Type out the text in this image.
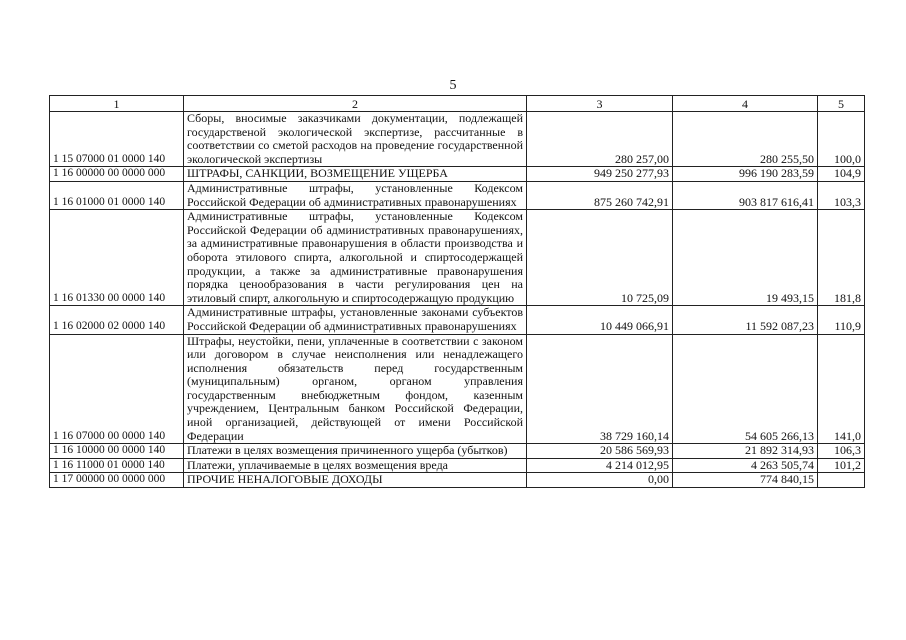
5
1	2	3	4	5
1 15 07000 01 0000 140	Сборы, вносимые заказчиками документации, подлежащей государственой экологической экспертизе, рассчитанные в соответствии со сметой расходов на проведение государственной экологической экспертизы	280 257,00	280 255,50	100,0
1 16 00000 00 0000 000	ШТРАФЫ, САНКЦИИ, ВОЗМЕЩЕНИЕ УЩЕРБА	949 250 277,93	996 190 283,59	104,9
1 16 01000 01 0000 140	Административные штрафы, установленные Кодексом Российской Федерации об административных правонарушениях	875 260 742,91	903 817 616,41	103,3
1 16 01330 00 0000 140	Административные штрафы, установленные Кодексом Российской Федерации об административных правонарушениях, за административные правонарушения в области производства и оборота этилового спирта, алкогольной и спиртосодержащей продукции, а также за административные правонарушения порядка ценообразования в части регулирования цен на этиловый спирт, алкогольную и спиртосодержащую продукцию	10 725,09	19 493,15	181,8
1 16 02000 02 0000 140	Административные штрафы, установленные законами субъектов Российской Федерации об административных правонарушениях	10 449 066,91	11 592 087,23	110,9
1 16 07000 00 0000 140	Штрафы, неустойки, пени, уплаченные в соответствии с законом или договором в случае неисполнения или ненадлежащего исполнения обязательств перед государственным (муниципальным) органом, органом управления государственным внебюджетным фондом, казенным учреждением, Центральным банком Российской Федерации, иной организацией, действующей от имени Российской Федерации	38 729 160,14	54 605 266,13	141,0
1 16 10000 00 0000 140	Платежи в целях возмещения причиненного ущерба (убытков)	20 586 569,93	21 892 314,93	106,3
1 16 11000 01 0000 140	Платежи, уплачиваемые в целях возмещения вреда	4 214 012,95	4 263 505,74	101,2
1 17 00000 00 0000 000	ПРОЧИЕ НЕНАЛОГОВЫЕ ДОХОДЫ	0,00	774 840,15	
